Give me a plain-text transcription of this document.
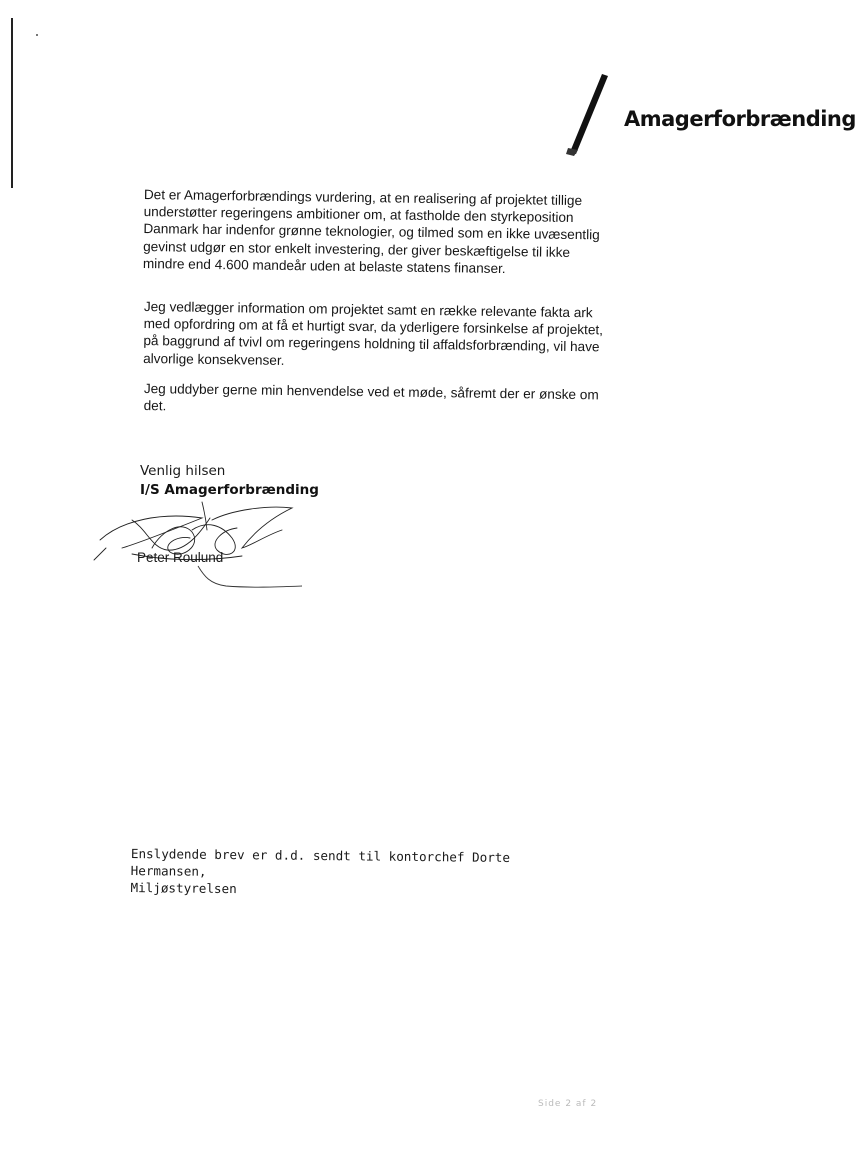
Amagerforbrænding

Det er Amagerforbrændings vurdering, at en realisering af projektet tillige understøtter regeringens ambitioner om, at fastholde den styrkeposition Danmark har indenfor grønne teknologier, og tilmed som en ikke uvæsentlig gevinst udgør en stor enkelt investering, der giver beskæftigelse til ikke mindre end 4.600 mandeår uden at belaste statens finanser.

Jeg vedlægger information om projektet samt en række relevante fakta ark med opfordring om at få et hurtigt svar, da yderligere forsinkelse af projektet, på baggrund af tvivl om regeringens holdning til affaldsforbrænding, vil have alvorlige konsekvenser.

Jeg uddyber gerne min henvendelse ved et møde, såfremt der er ønske om det.

Venlig hilsen
I/S Amagerforbrænding
Peter Roulund
Enslydende brev er d.d. sendt til kontorchef Dorte Hermansen,
Miljøstyrelsen
Side 2 af 2
